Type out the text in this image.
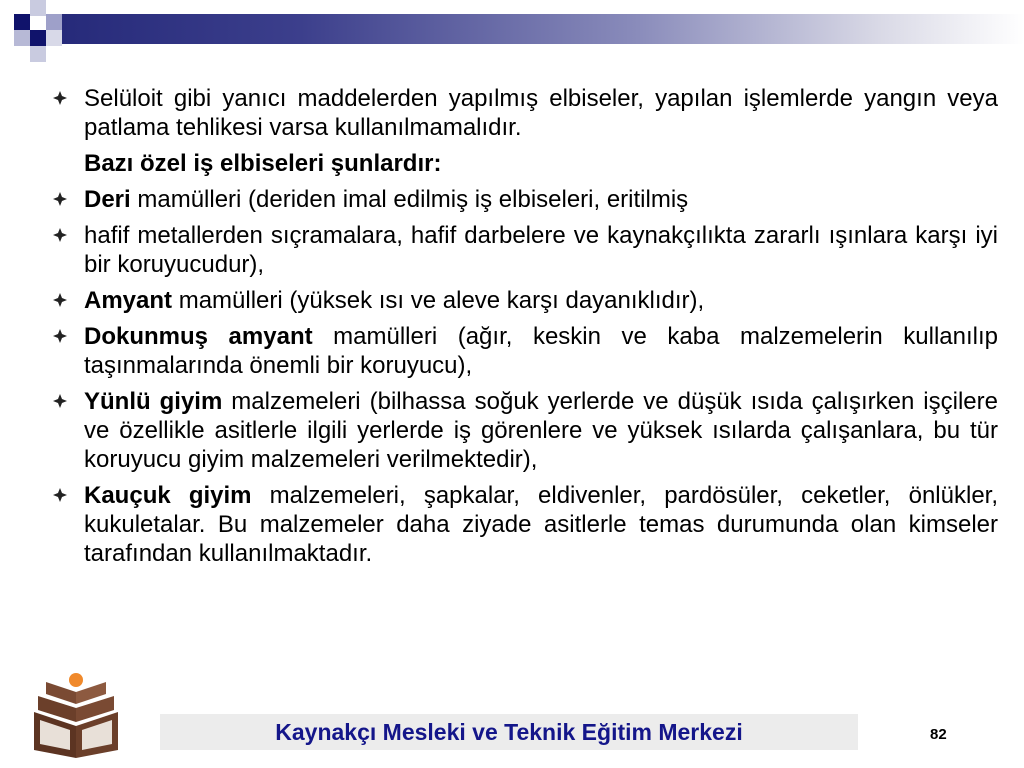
Selüloit gibi yanıcı maddelerden yapılmış elbiseler, yapılan işlemlerde yangın veya patlama tehlikesi varsa kullanılmamalıdır.
Bazı özel iş elbiseleri şunlardır:
Deri mamülleri (deriden imal edilmiş iş elbiseleri, eritilmiş
hafif metallerden sıçramalara, hafif darbelere ve kaynakçılıkta zararlı ışınlara karşı iyi bir koruyucudur),
Amyant mamülleri (yüksek ısı ve aleve karşı dayanıklıdır),
Dokunmuş amyant mamülleri (ağır, keskin ve kaba malzemelerin kullanılıp taşınmalarında önemli bir koruyucu),
Yünlü giyim malzemeleri (bilhassa soğuk yerlerde ve düşük ısıda çalışırken işçilere ve özellikle asitlerle ilgili yerlerde iş görenlere ve yüksek ısılarda çalışanlara, bu tür koruyucu giyim malzemeleri verilmektedir),
Kauçuk giyim malzemeleri, şapkalar, eldivenler, pardösüler, ceketler, önlükler, kukuletalar. Bu malzemeler daha ziyade asitlerle temas durumunda olan kimseler tarafından kullanılmaktadır.
Kaynakçı Mesleki ve Teknik Eğitim Merkezi	82
